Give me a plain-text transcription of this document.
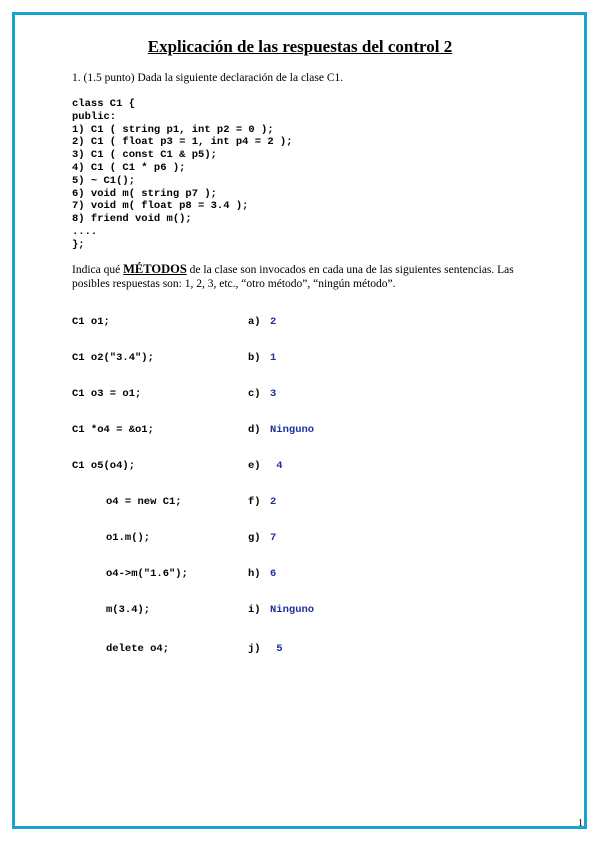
Explicación de las respuestas del control 2
1. (1.5 punto) Dada la siguiente declaración de la clase C1.
class C1 {
public:
1) C1 ( string p1, int p2 = 0 );
2) C1 ( float p3 = 1, int p4 = 2 );
3) C1 ( const C1 & p5);
4) C1 ( C1 * p6 );
5) ~ C1();
6) void m( string p7 );
7) void m( float p8 = 3.4 );
8) friend void m();
....
};
Indica qué MÉTODOS de la clase son invocados en cada una de las siguientes sentencias. Las posibles respuestas son: 1, 2, 3, etc., “otro método”, “ningún método”.
C1 o1;	a) 2
C1 o2("3.4");	b) 1
C1 o3 = o1;	c) 3
C1 *o4 = &o1;	d) Ninguno
C1 o5(o4);	e) 4
o4 = new C1;	f) 2
o1.m();	g) 7
o4->m("1.6");	h) 6
m(3.4);	i) Ninguno
delete o4;	j) 5
1
